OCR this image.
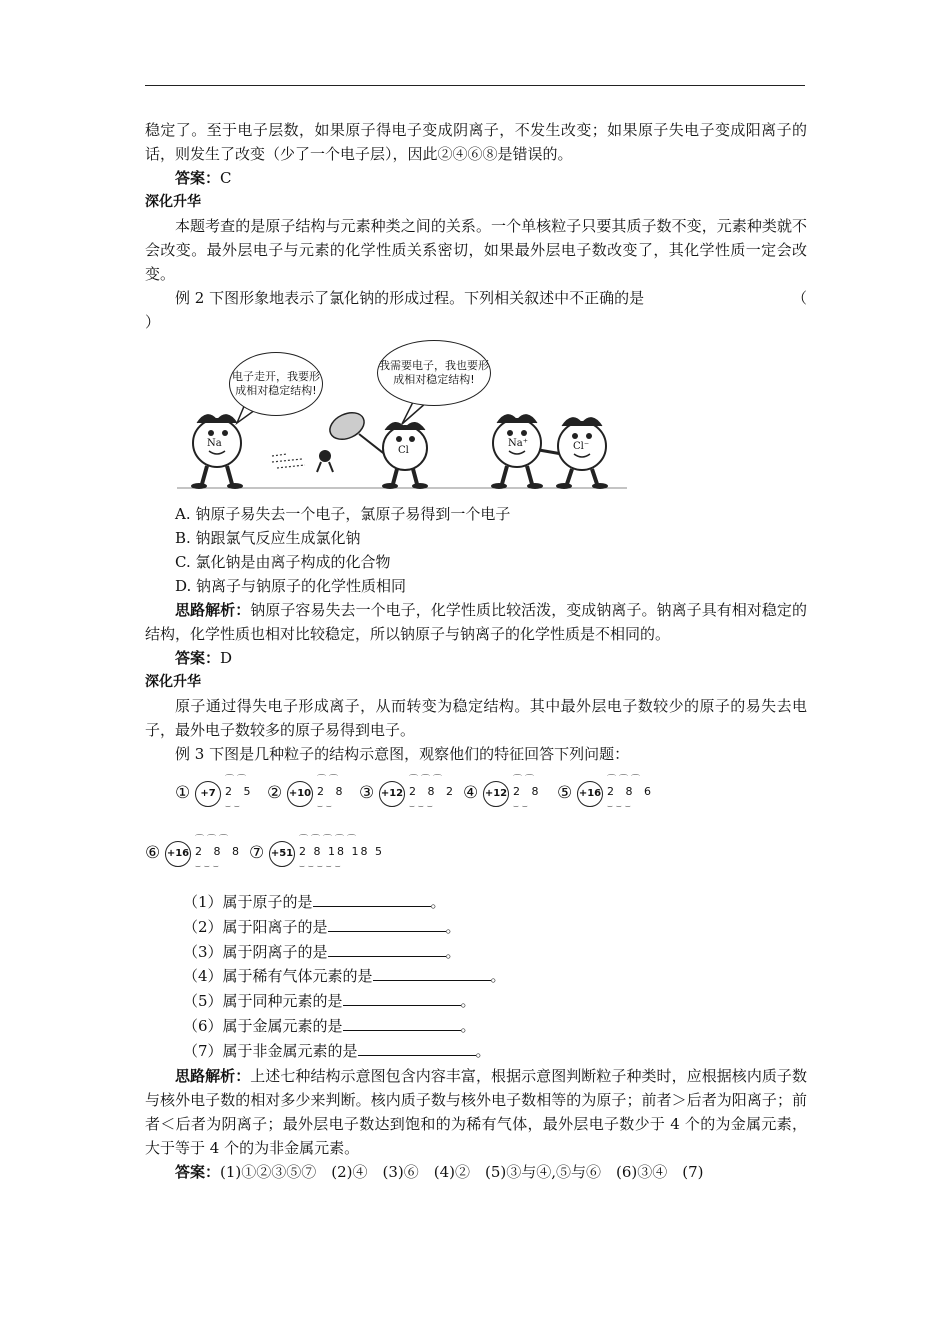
稳定了。至于电子层数，如果原子得电子变成阴离子，不发生改变；如果原子失电子变成阳离子的话，则发生了改变（少了一个电子层），因此②④⑥⑧是错误的。

答案：C

深化升华

本题考查的是原子结构与元素种类之间的关系。一个单核粒子只要其质子数不变，元素种类就不会改变。最外层电子与元素的化学性质关系密切，如果最外层电子数改变了，其化学性质一定会改变。

例 2 下图形象地表示了氯化钠的形成过程。下列相关叙述中不正确的是	（

）

电子走开，我要形成相对稳定结构!
我需要电子，我也要形成相对稳定结构!
Na
Cl
Na⁺	Cl⁻

A. 钠原子易失去一个电子，氯原子易得到一个电子

B. 钠跟氯气反应生成氯化钠

C. 氯化钠是由离子构成的化合物

D. 钠离子与钠原子的化学性质相同

思路解析：钠原子容易失去一个电子，化学性质比较活泼，变成钠离子。钠离子具有相对稳定的结构，化学性质也相对比较稳定，所以钠原子与钠离子的化学性质是不相同的。

答案：D

深化升华

原子通过得失电子形成离子，从而转变为稳定结构。其中最外层电子数较少的原子的易失去电子，最外电子数较多的原子易得到电子。

例 3 下图是几种粒子的结构示意图，观察他们的特征回答下列问题：

①	+7
⌒⌒
2 5
⌣⌣
② +10
⌒⌒
2 8
⌣⌣
③ +12
⌒⌒⌒
2 8 2
⌣⌣⌣
④ +12
⌒⌒
2 8
⌣⌣
⑤ +16
⌒⌒⌒
2 8 6
⌣⌣⌣
⑥ +16
⌒⌒⌒
2 8 8
⌣⌣⌣
⑦ +51
⌒⌒⌒⌒⌒
2 8 18 18 5
⌣⌣⌣⌣⌣

（1）属于原子的是	。

（2）属于阳离子的是	。

（3）属于阴离子的是	。

（4）属于稀有气体元素的是	。

（5）属于同种元素的是	。

（6）属于金属元素的是	。

（7）属于非金属元素的是	。

思路解析：上述七种结构示意图包含内容丰富，根据示意图判断粒子种类时，应根据核内质子数与核外电子数的相对多少来判断。核内质子数与核外电子数相等的为原子；前者＞后者为阳离子；前者＜后者为阴离子；最外层电子数达到饱和的为稀有气体，最外层电子数少于 4 个的为金属元素，大于等于 4 个的为非金属元素。

答案：(1)①②③⑤⑦　(2)④　(3)⑥　(4)②　(5)③与④,⑤与⑥　(6)③④　(7)
